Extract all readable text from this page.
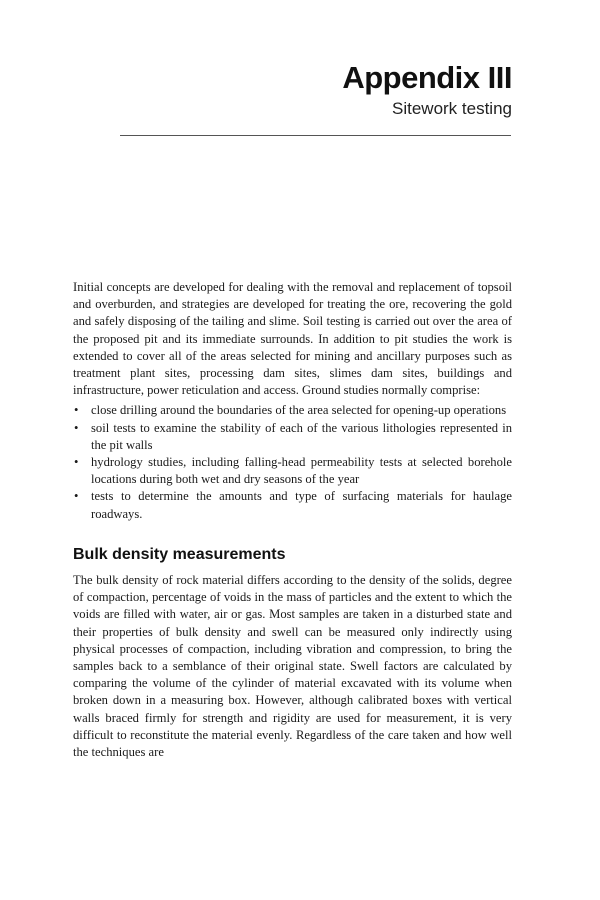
Appendix III
Sitework testing

Initial concepts are developed for dealing with the removal and replacement of topsoil and overburden, and strategies are developed for treating the ore, recovering the gold and safely disposing of the tailing and slime. Soil testing is carried out over the area of the proposed pit and its immediate surrounds. In addition to pit studies the work is extended to cover all of the areas selected for mining and ancillary purposes such as treatment plant sites, processing dam sites, slimes dam sites, buildings and infrastructure, power reticulation and access. Ground studies normally comprise:

• close drilling around the boundaries of the area selected for opening-up operations
• soil tests to examine the stability of each of the various lithologies represented in the pit walls
• hydrology studies, including falling-head permeability tests at selected borehole locations during both wet and dry seasons of the year
• tests to determine the amounts and type of surfacing materials for haulage roadways.
Bulk density measurements

The bulk density of rock material differs according to the density of the solids, degree of compaction, percentage of voids in the mass of particles and the extent to which the voids are filled with water, air or gas. Most samples are taken in a disturbed state and their properties of bulk density and swell can be measured only indirectly using physical processes of compaction, including vibration and compression, to bring the samples back to a semblance of their original state. Swell factors are calculated by comparing the volume of the cylinder of material excavated with its volume when broken down in a measuring box. However, although calibrated boxes with vertical walls braced firmly for strength and rigidity are used for measurement, it is very difficult to reconstitute the material evenly. Regardless of the care taken and how well the techniques are
